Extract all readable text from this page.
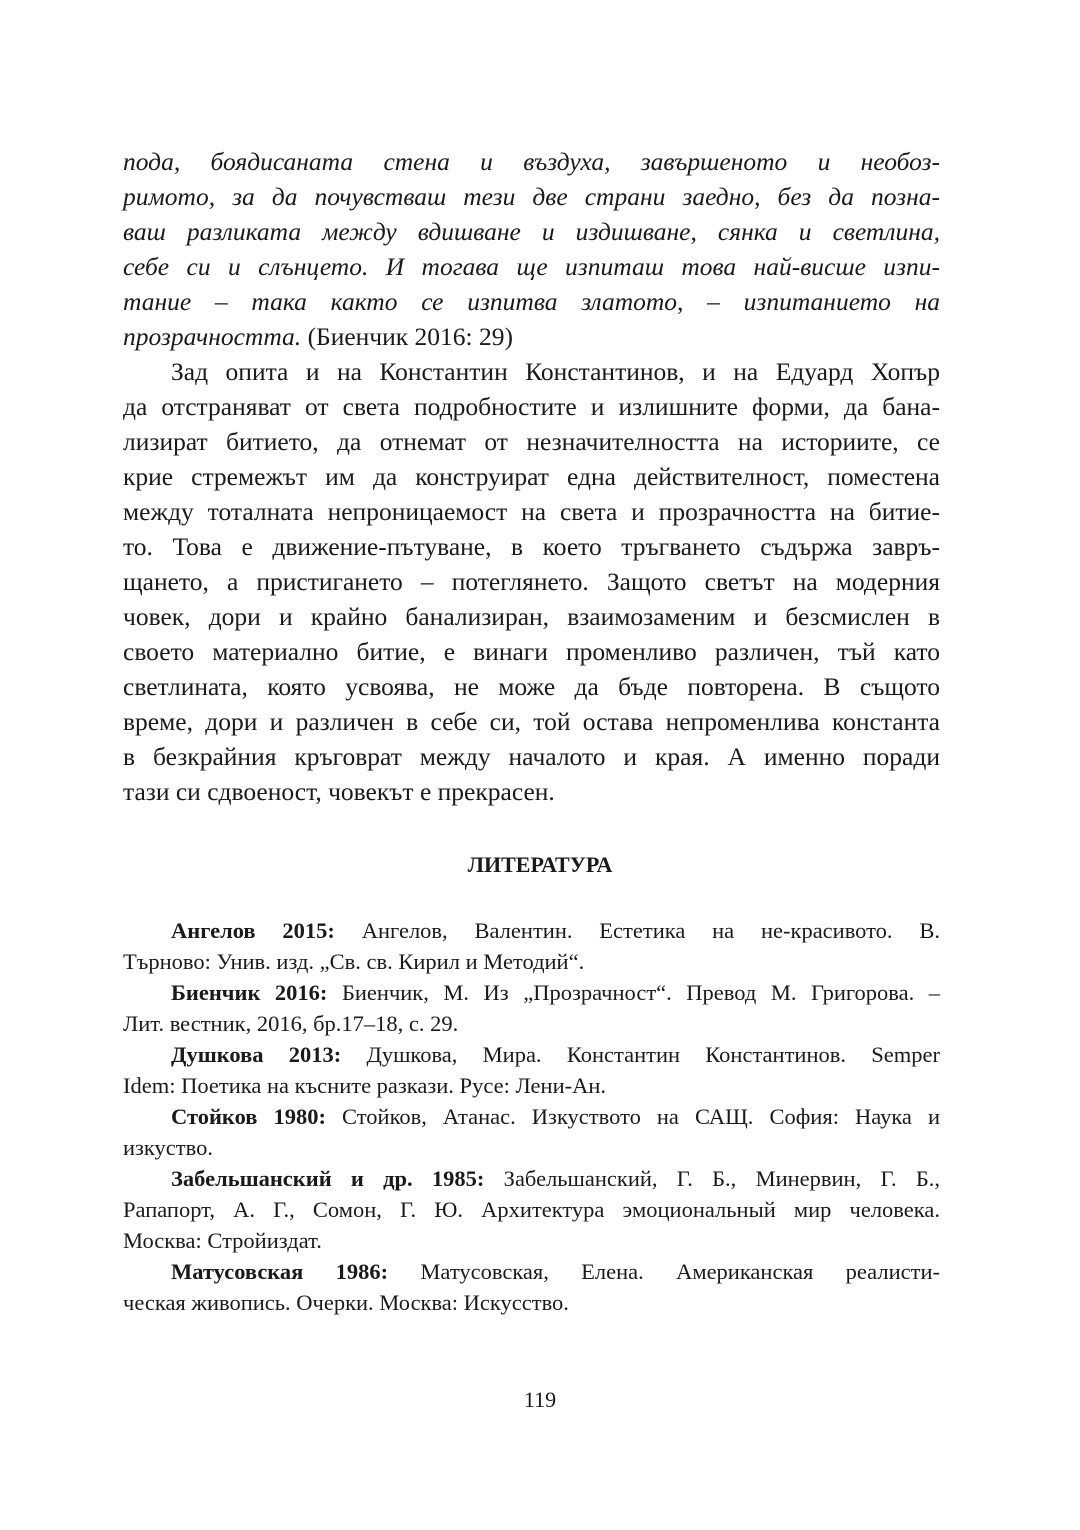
пода, боядисаната стена и въздуха, завършеното и необоз-
римото, за да почувстваш тези две страни заедно, без да позна-
ваш разликата между вдишване и издишване, сянка и светлина,
себе си и слънцето. И тогава ще изпиташ това най-висше изпи-
тание – така както се изпитва златото, – изпитанието на
прозрачността. (Биенчик 2016: 29)
Зад опита и на Константин Константинов, и на Едуард Хопър
да отстраняват от света подробностите и излишните форми, да бана-
лизират битието, да отнемат от незначителността на историите, се
крие стремежът им да конструират една действителност, поместена
между тоталната непроницаемост на света и прозрачността на битие-
то. Това е движение-пътуване, в което тръгването съдържа завръ-
щането, а пристигането – потеглянето. Защото светът на модерния
човек, дори и крайно банализиран, взаимозаменим и безсмислен в
своето материално битие, е винаги променливо различен, тъй като
светлината, която усвоява, не може да бъде повторена. В същото
време, дори и различен в себе си, той остава непроменлива константа
в безкрайния кръговрат между началото и края. А именно поради
тази си сдвоеност, човекът е прекрасен.
ЛИТЕРАТУРА
Ангелов 2015: Ангелов, Валентин. Естетика на не-красивото. В.
Търново: Унив. изд. „Св. св. Кирил и Методий“.
Биенчик 2016: Биенчик, М. Из „Прозрачност“. Превод М. Григорова. –
Лит. вестник, 2016, бр.17–18, с. 29.
Душкова 2013: Душкова, Мира. Константин Константинов. Semper
Idem: Поетика на късните разкази. Русе: Лени-Ан.
Стойков 1980: Стойков, Атанас. Изкуството на САЩ. София: Наука и
изкуство.
Забельшанский и др. 1985: Забельшанский, Г. Б., Минервин, Г. Б.,
Рапапорт, А. Г., Сомон, Г. Ю. Архитектура эмоциональный мир человека.
Москва: Стройиздат.
Матусовская 1986: Матусовская, Елена. Американская реалисти-
ческая живопись. Очерки. Москва: Искусство.
119
